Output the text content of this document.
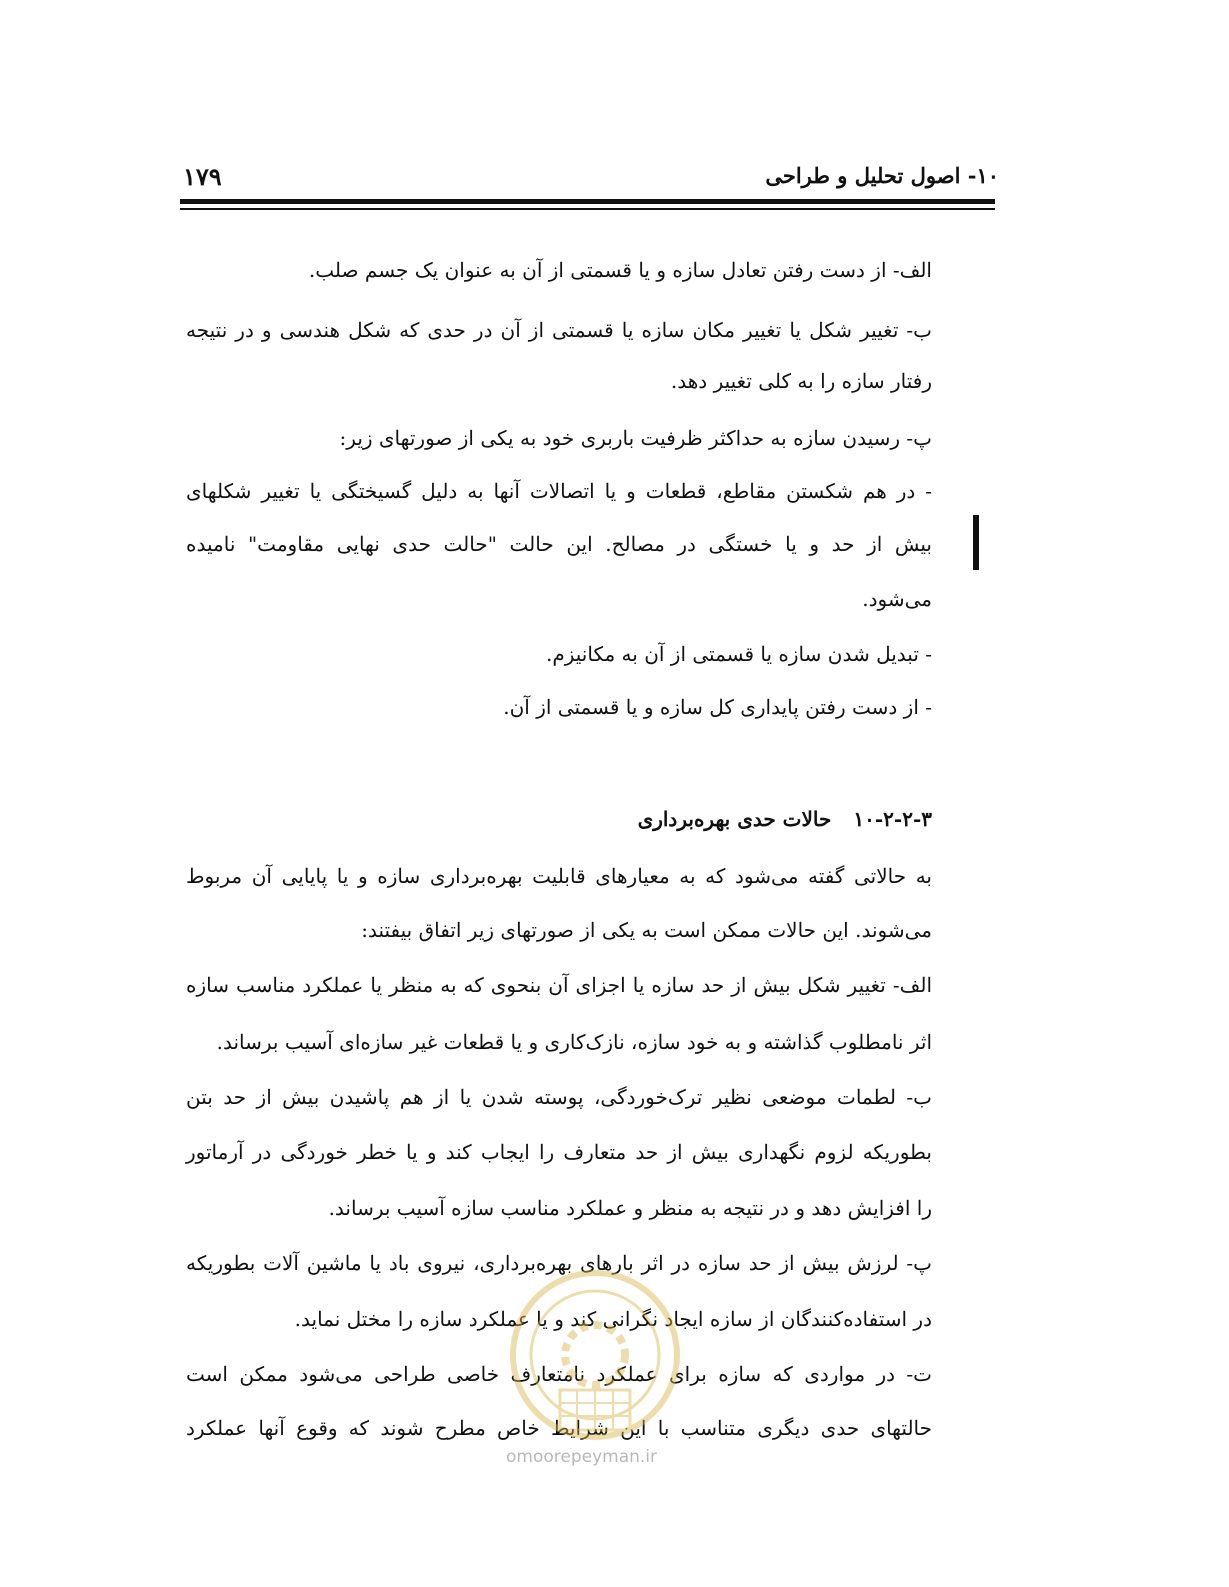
۱۰- اصول تحلیل و طراحی
۱۷۹
الف- از دست رفتن تعادل سازه و یا قسمتی از آن به عنوان یک جسم صلب.
ب- تغییر شکل یا تغییر مکان سازه یا قسمتی از آن در حدی که شکل هندسی و در نتیجه
رفتار سازه را به کلی تغییر دهد.
پ- رسیدن سازه به حداکثر ظرفیت باربری خود به یکی از صورتهای زیر:
- در هم شکستن مقاطع، قطعات و یا اتصالات آنها به دلیل گسیختگی یا تغییر شکلهای
بیش از حد و یا خستگی در مصالح. این حالت "حالت حدی نهایی مقاومت" نامیده
می‌شود.
- تبدیل شدن سازه یا قسمتی از آن به مکانیزم.
- از دست رفتن پایداری کل سازه و یا قسمتی از آن.
۱۰-۲-۲-۳حالات حدی بهره‌برداری
به حالاتی گفته می‌شود که به معیارهای قابلیت بهره‌برداری سازه و یا پایایی آن مربوط
می‌شوند. این حالات ممکن است به یکی از صورتهای زیر اتفاق بیفتند:
الف- تغییر شکل بیش از حد سازه یا اجزای آن بنحوی که به منظر یا عملکرد مناسب سازه
اثر نامطلوب گذاشته و به خود سازه، نازک‌کاری و یا قطعات غیر سازه‌ای آسیب برساند.
ب- لطمات موضعی نظیر ترک‌خوردگی، پوسته شدن یا از هم پاشیدن بیش از حد بتن
بطوریکه لزوم نگهداری بیش از حد متعارف را ایجاب کند و یا خطر خوردگی در آرماتور
را افزایش دهد و در نتیجه به منظر و عملکرد مناسب سازه آسیب برساند.
پ- لرزش بیش از حد سازه در اثر بارهای بهره‌برداری، نیروی باد یا ماشین آلات بطوریکه
در استفاده‌کنندگان از سازه ایجاد نگرانی کند و یا عملکرد سازه را مختل نماید.
ت- در مواردی که سازه برای عملکرد نامتعارف خاصی طراحی می‌شود ممکن است
حالتهای حدی دیگری متناسب با این شرایط خاص مطرح شوند که وقوع آنها عملکرد
omoorepeyman.ir
